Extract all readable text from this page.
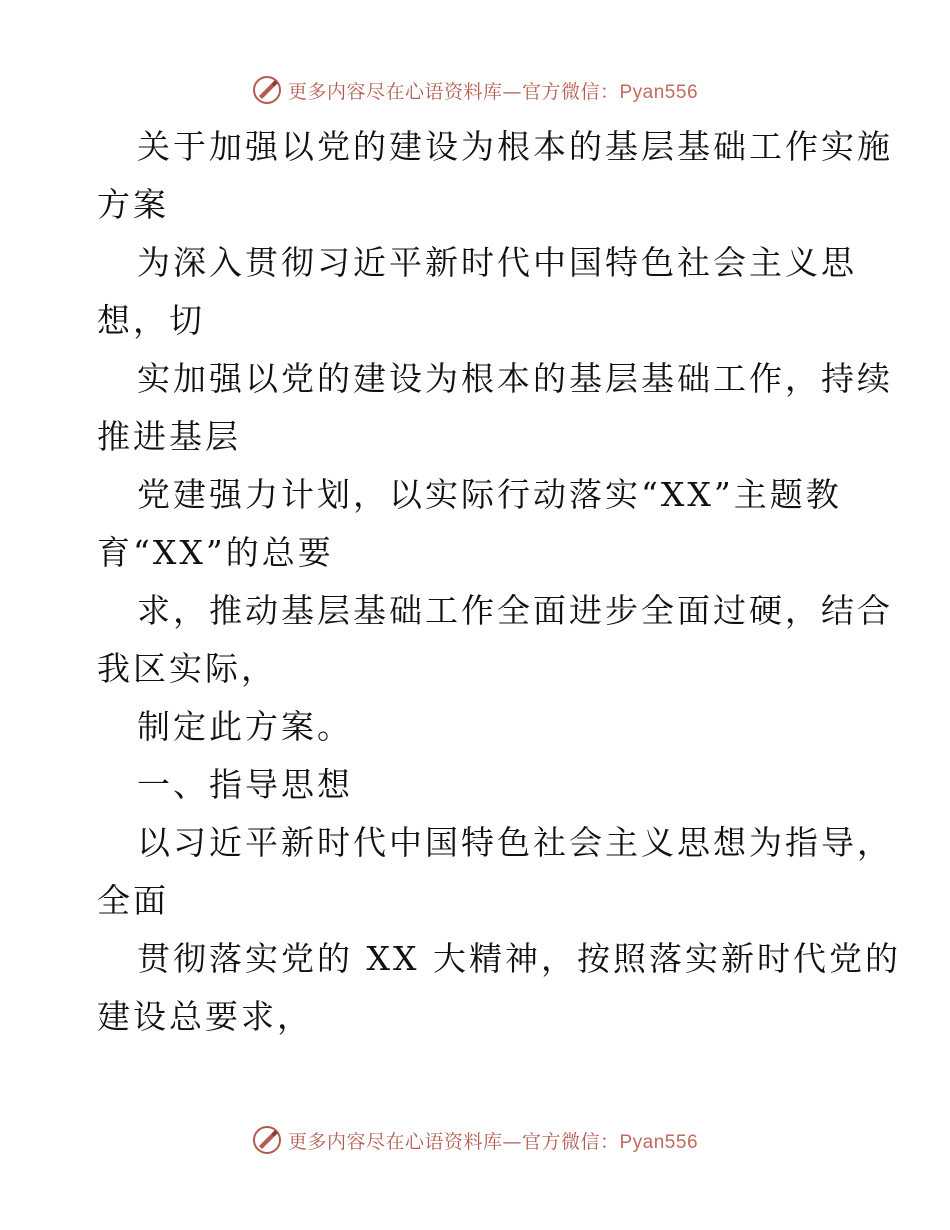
更多内容尽在心语资料库—官方微信：Pyan556
关于加强以党的建设为根本的基层基础工作实施
方案
为深入贯彻习近平新时代中国特色社会主义思
想，切
实加强以党的建设为根本的基层基础工作，持续
推进基层
党建强力计划，以实际行动落实“XX”主题教
育“XX”的总要
求，推动基层基础工作全面进步全面过硬，结合
我区实际，
制定此方案。
一、指导思想
以习近平新时代中国特色社会主义思想为指导，
全面
贯彻落实党的 XX 大精神，按照落实新时代党的
建设总要求，
更多内容尽在心语资料库—官方微信：Pyan556
